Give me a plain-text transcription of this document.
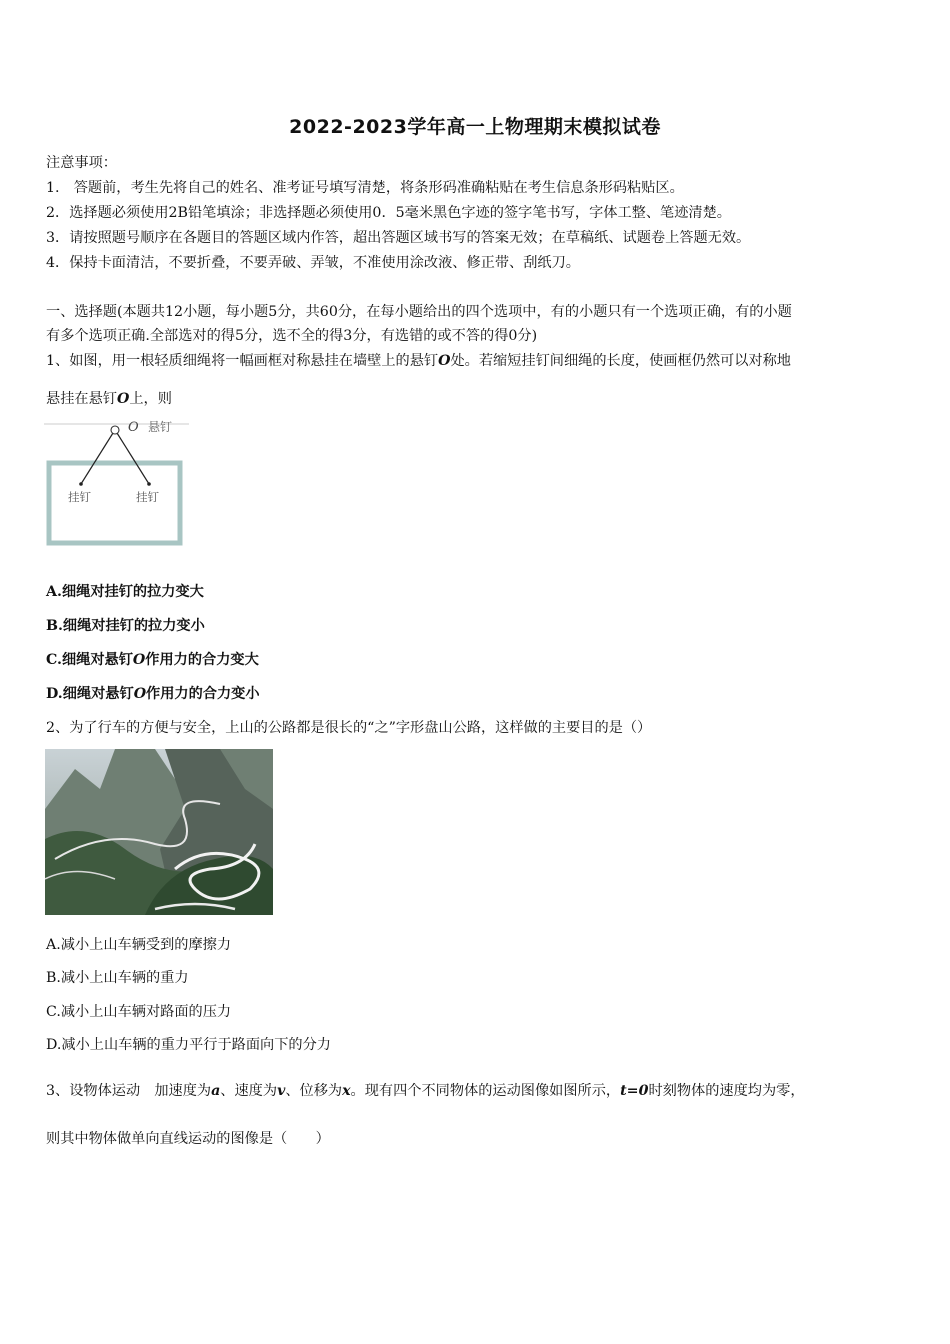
2022-2023学年高一上物理期末模拟试卷
注意事项：
1.　答题前，考生先将自己的姓名、准考证号填写清楚，将条形码准确粘贴在考生信息条形码粘贴区。
2．选择题必须使用2B铅笔填涂；非选择题必须使用0．5毫米黑色字迹的签字笔书写，字体工整、笔迹清楚。
3．请按照题号顺序在各题目的答题区域内作答，超出答题区域书写的答案无效；在草稿纸、试题卷上答题无效。
4．保持卡面清洁，不要折叠，不要弄破、弄皱，不准使用涂改液、修正带、刮纸刀。
一、选择题(本题共12小题，每小题5分，共60分，在每小题给出的四个选项中，有的小题只有一个选项正确，有的小题
有多个选项正确.全部选对的得5分，选不全的得3分，有选错的或不答的得0分)
1、如图，用一根轻质细绳将一幅画框对称悬挂在墙壁上的悬钉O处。若缩短挂钉间细绳的长度，使画框仍然可以对称地
悬挂在悬钉O上，则
O 悬钉
挂钉	挂钉
A.细绳对挂钉的拉力变大
B.细绳对挂钉的拉力变小
C.细绳对悬钉O作用力的合力变大
D.细绳对悬钉O作用力的合力变小
2、为了行车的方便与安全，上山的公路都是很长的“之”字形盘山公路，这样做的主要目的是（）
A.减小上山车辆受到的摩擦力
B.减小上山车辆的重力
C.减小上山车辆对路面的压力
D.减小上山车辆的重力平行于路面向下的分力
3、设物体运动　加速度为a、速度为v、位移为x。现有四个不同物体的运动图像如图所示，t=0时刻物体的速度均为零，
则其中物体做单向直线运动的图像是（　　）
